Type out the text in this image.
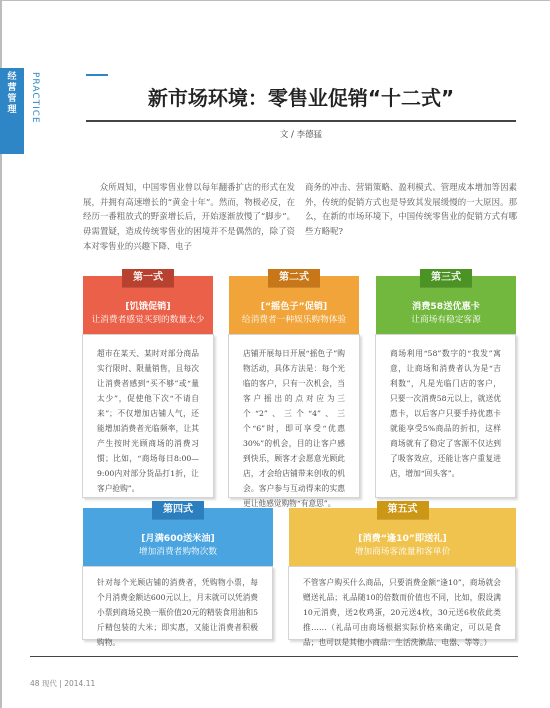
经营管理	PRACTICE	新市场环境：零售业促销“十二式”
文 / 李德猛

众所周知，中国零售业曾以每年翻番扩店的形式在发展，并拥有高速增长的“黄金十年”。然而，物极必反，在经历一番粗放式的野蛮增长后，开始逐渐放慢了“脚步”。毋需置疑，造成传统零售业的困境并不是偶然的，除了资本对零售业的兴趣下降、电子

商务的冲击、营销策略、盈利模式、管理成本增加等因素外，传统的促销方式也是导致其发展缓慢的一大原因。那么，在新的市场环境下，中国传统零售业的促销方式有哪些方略呢?

第一式
[饥饿促销]
让消费者感觉买到的数量太少
超市在某天、某时对部分商品实行限时、限量销售，且每次让消费者感到“买不够”或“量太少”，促使他下次“不请自来”；不仅增加店铺人气，还能增加消费者光临频率，让其产生按时光顾商场的消费习惯；比如，“商场每日8:00—9:00内对部分货品打1折，让客户抢购”。
第二式
[“摇色子”促销]
给消费者一种娱乐购物体验
店铺开展每日开展“摇色子”购物活动，具体方法是：每个光临的客户，只有一次机会，当客户摇出的点对应为三个“2”、三个“4”、三个“6”时，即可享受“优惠30%”的机会，目的让客户感到快乐，顾客才会愿意光顾此店，才会给店铺带来创收的机会。客户参与互动得来的实惠更让他感觉购物“有意思”。
第三式
消费58送优惠卡
让商场有稳定客源
商场利用“58”数字的“我发”寓意，让商场和消费者认为是“吉利数”，凡是光临门店的客户，只要一次消费58元以上，就送优惠卡，以后客户只要手持优惠卡就能享受5%商品的折扣，这样商场就有了稳定了客源不仅达到了吸客效应，还能让客户重复进店，增加“回头客”。
第四式
[月满600送米油]
增加消费者购物次数
针对每个光顾店铺的消费者，凭购物小票，每个月消费金额达600元以上，月末就可以凭消费小票到商场兑换一瓶价值20元的精装食用油和5斤精包装的大米；即实惠，又能让消费者积极购物。
第五式
[消费“逢10”即送礼]
增加商场客流量和客单价
不管客户购买什么商品，只要消费金额“逢10”，商场就会赠送礼品；礼品随10的倍数而价值也不同，比如，假设满10元消费，送2枚鸡蛋，20元送4枚，30元送6枚依此类推……（礼品可由商场根据实际价格来确定，可以是食品；也可以是其他小商品：生活洗漱品、电器、等等。）
48 现代 | 2014.11
